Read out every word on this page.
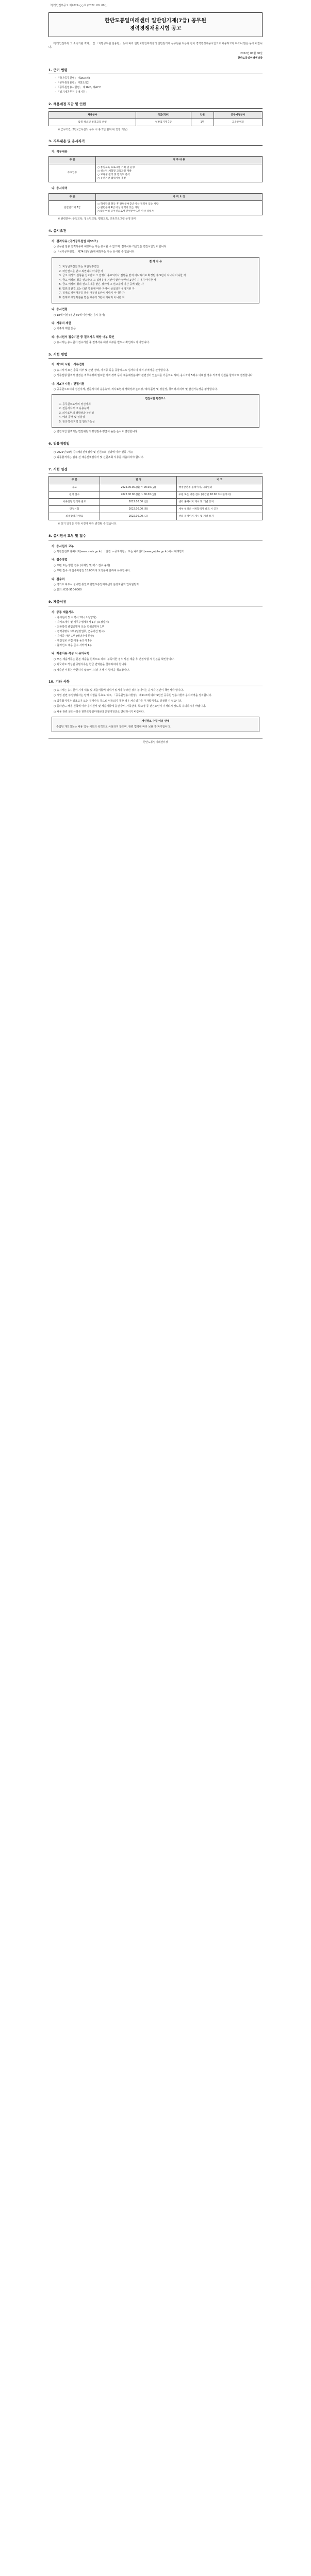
「행정안전부공고 제2022-○○호 (2022. 00. 00.)」
한반도통일미래센터 일반임기제(7급) 공무원
경력경쟁채용시험 공고
「행정안전부와 그 소속기관 직제」 및 「지방공무원 임용령」 등에 따라 한반도통일미래센터 일반임기제 공무원을 다음과 같이 경력경쟁채용시험으로 채용하고자 하오니 많은 응시 바랍니다.
2022년 00월 00일
한반도통일미래센터장
1. 근거 법령
◦ 「국가공무원법」 제26조의5
◦ 「공무원임용령」 제3조의2
◦ 「공무원임용시험령」 제16조, 제47조
◦ 「임기제공무원 운영지침」
2. 채용예정 직급 및 인원
채용분야	직급(직위)	인원	근무예정부서
남북 청소년 통일교육 운영	일반임기제 7급	1명	교육운영과
※ 근무기간: 2년 (근무실적 우수 시 총 5년 범위 내 연장 가능)
3. 직무내용 및 응시자격
가. 직무내용
구 분	직 무 내 용
주요업무	○ 통일교육 프로그램 기획 및 운영
○ 청소년 체험형 교육과정 개발
○ 교육생 관리 및 만족도 분석
○ 유관기관 협력사업 추진
나. 응시자격
구 분	자 격 요 건
일반임기제 7급	○ 학사학위 취득 후 관련분야 2년 이상 경력이 있는 사람
○ 관련분야 4년 이상 경력이 있는 사람
○ 6급 이하 공무원으로서 관련분야 1년 이상 경력자
※ 관련분야: 통일교육, 청소년교육, 평화교육, 교육프로그램 운영 분야
4. 응시요건
가. 결격사유 (국가공무원법 제33조)
○ 공무원 임용 결격사유에 해당하는 자는 응시할 수 없으며, 결격사유 기준일은 면접시험일로 합니다.
○ 「국가공무원법」 제74조(정년)에 해당하는 자는 응시할 수 없습니다.
결 격 사 유
1. 피성년후견인 또는 피한정후견인
2. 파산선고를 받고 복권되지 아니한 자
3. 금고 이상의 실형을 선고받고 그 집행이 종료되거나 집행을 받지 아니하기로 확정된 후 5년이 지나지 아니한 자
4. 금고 이상의 형을 선고받고 그 집행유예 기간이 끝난 날부터 2년이 지나지 아니한 자
5. 금고 이상의 형의 선고유예를 받은 경우에 그 선고유예 기간 중에 있는 자
6. 법원의 판결 또는 다른 법률에 따라 자격이 상실되거나 정지된 자
7. 징계로 파면처분을 받은 때부터 5년이 지나지 아니한 자
8. 징계로 해임처분을 받은 때부터 3년이 지나지 아니한 자
나. 응시연령
○ 18세 이상 (정년 60세 이상자는 응시 불가)
다. 거주지 제한
○ 거주지 제한 없음
라. 응시원서 접수기간 중 결격사유 해당 여부 확인
○ 응시자는 응시원서 접수기간 중 결격사유 해당 여부를 반드시 확인하시기 바랍니다.
5. 시험 방법
가. 제1차 시험 : 서류전형
○ 응시자격 요건 충족 여부 및 관련 경력, 자격증 등을 종합적으로 심사하여 적격·부적격을 판정합니다.
○ 서류전형 합격자 결정은 직무수행에 필요한 자격·경력 등이 채용예정분야와 관련성이 있는지를 기준으로 하며, 응시자가 5배수 이내일 경우 적격자 전원을 합격자로 결정합니다.
나. 제2차 시험 : 면접시험
○ 공무원으로서의 정신자세, 전문지식과 응용능력, 의사표현의 정확성과 논리성, 예의·품행 및 성실성, 창의력·의지력 및 발전가능성을 평정합니다.
면접시험 평정요소
1. 공무원으로서의 정신자세
2. 전문지식과 그 응용능력
3. 의사표현의 정확성과 논리성
4. 예의·품행 및 성실성
5. 창의력·의지력 및 발전가능성
○ 면접시험 합격자는 면접위원의 평정점수 평균이 높은 순서로 결정합니다.
6. 임용예정일
○ 2022년 00월 중 (채용신체검사 및 신원조회 결과에 따라 변동 가능)
○ 최종합격자는 임용 전 채용신체검사서 및 신원조회 서류를 제출하여야 합니다.
7. 시험 일정
구 분	일 정	비 고
공고	2022.00.00.(월) ~ 00.00.(금)	행정안전부 홈페이지, 나라일터
원서 접수	2022.00.00.(월) ~ 00.00.(금)	우편 또는 방문 접수 (마감일 18:00 도착분까지)
서류전형 합격자 발표	2022.00.00.(금)	센터 홈페이지 게시 및 개별 통지
면접시험	2022.00.00.(화)	세부 일정은 서류합격자 발표 시 공지
최종합격자 발표	2022.00.00.(금)	센터 홈페이지 게시 및 개별 통지
※ 상기 일정은 기관 사정에 따라 변경될 수 있습니다.
8. 응시원서 교부 및 접수
가. 응시원서 교부
○ 행정안전부 홈페이지(www.mois.go.kr) 「알림 > 공지사항」 또는 나라일터(www.gojobs.go.kr)에서 내려받기
나. 접수방법
○ 우편 또는 방문 접수 (이메일 및 팩스 접수 불가)
○ 우편 접수 시 접수마감일 18:00까지 도착분에 한하여 유효합니다.
다. 접수처
○ 경기도 파주시 군내면 통일로 한반도통일미래센터 운영지원과 인사담당자
○ 문의: 031-950-0000
9. 제출서류
가. 공통 제출서류
◦ 응시원서 및 이력서 1부 (소정양식)
◦ 자기소개서 및 직무수행계획서 1부 (소정양식)
◦ 최종학력 졸업증명서 또는 학위증명서 1부
◦ 경력증명서 1부 (담당업무, 근무기간 명시)
◦ 자격증 사본 1부 (해당자에 한함)
◦ 개인정보 수집·이용 동의서 1부
◦ 블라인드 채용 준수 서약서 1부
나. 제출서류 작성 시 유의사항
○ 모든 제출서류는 원본 제출을 원칙으로 하되, 부득이한 경우 사본 제출 후 면접시험 시 원본을 확인합니다.
○ 외국어로 작성된 증빙서류는 한글 번역본을 첨부하여야 합니다.
○ 제출된 서류는 반환하지 않으며, 허위 기재 시 합격을 취소합니다.
10. 기타 사항
○ 응시자는 응시원서 기재 내용 및 제출서류에 허위가 있거나 누락된 경우 불이익은 응시자 본인이 책임져야 합니다.
○ 시험 관련 부정행위자는 당해 시험을 무효로 하고, 「공무원임용시험령」 제51조에 따라 5년간 공무원 임용시험의 응시자격을 정지합니다.
○ 최종합격자가 임용포기 또는 결격사유 등으로 임용되지 못한 경우 차순위자를 추가합격자로 결정할 수 있습니다.
○ 블라인드 채용 원칙에 따라 응시원서 및 제출서류에 출신지역, 가족관계, 학교명 등 편견요인이 기재되지 않도록 유의하시기 바랍니다.
○ 채용 관련 문의사항은 한반도통일미래센터 운영지원과로 연락하시기 바랍니다.
개인정보 수집·이용 안내
수집된 개인정보는 채용 업무 이외의 목적으로 사용되지 않으며, 관련 법령에 따라 보관 후 파기합니다.
한반도통일미래센터장
